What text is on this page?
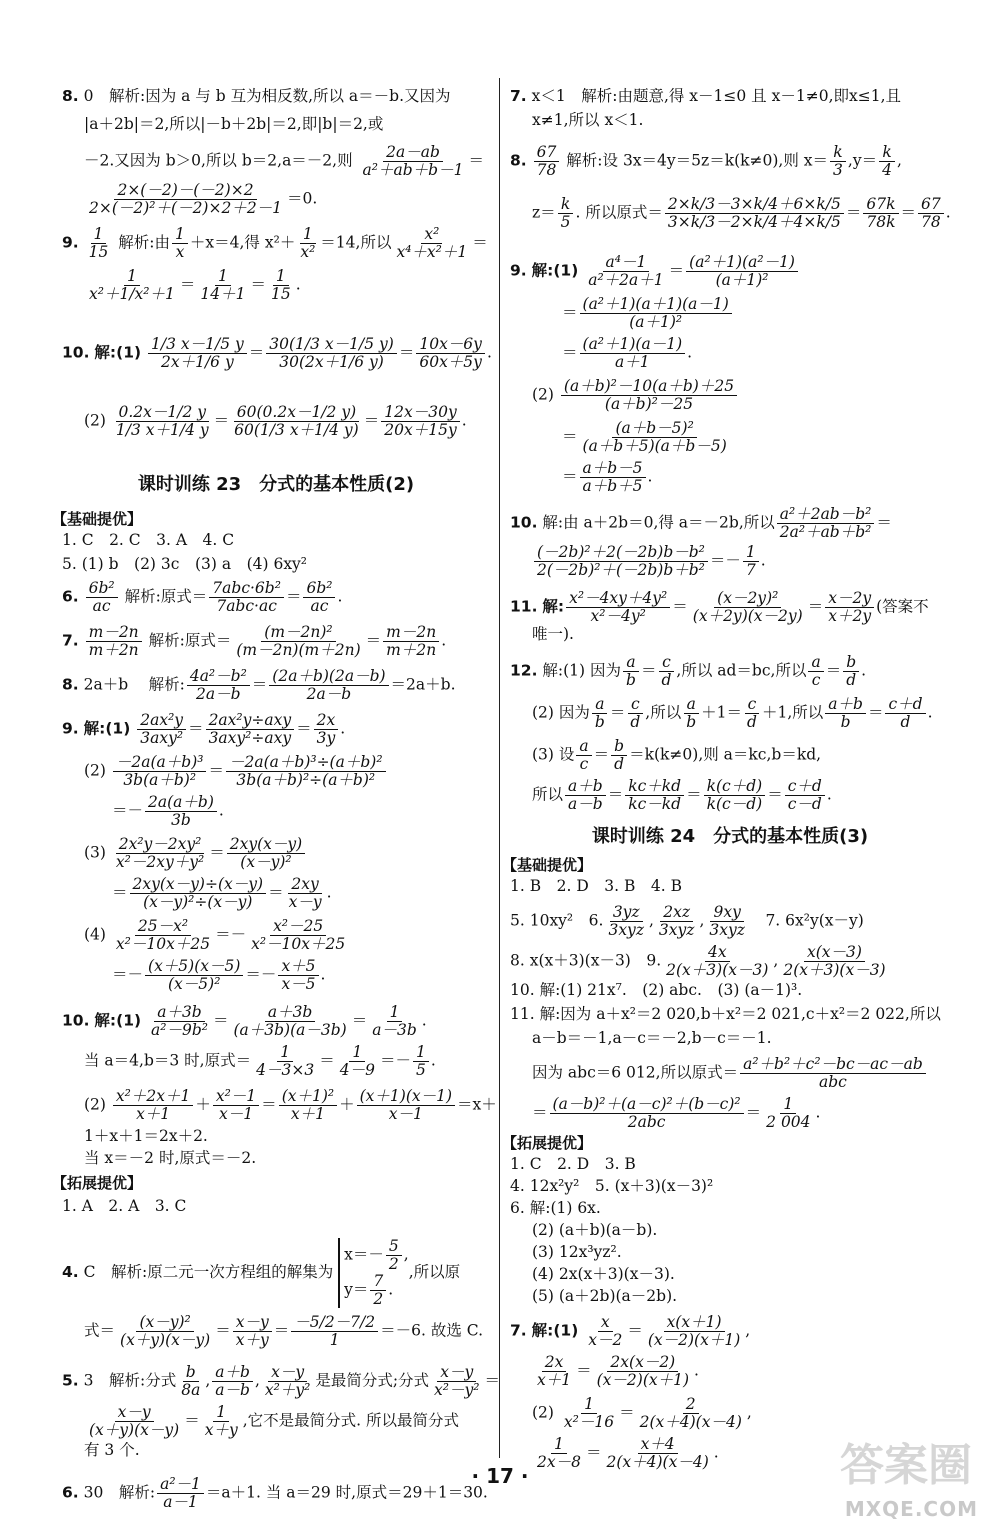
8. 0　解析:因为 a 与 b 互为相反数,所以 a＝－b.又因为
|a＋2b|＝2,所以|－b＋2b|＝2,即|b|＝2,或
－2.又因为 b＞0,所以 b＝2,a＝－2,则 $\frac{2a-ab}{\text{a²＋ab＋b－1}}$ ＝
$\frac{2\times(-2)-(-2)\times 2}{\text{2×(－2)²＋(－2)×2＋2－1}} =0$.
9. $\frac{1}{15}$ 解析:由 $\frac{1}{x} +x=4$,得 $x^2+ \frac{1}{\text{x²}} =14$,所以 $\frac{\text{x²}}{\text{x⁴＋x²＋1}}$ ＝
$\frac{1}{\text{x²＋1/x²＋1}} = \frac{1}{14+1} = \frac{1}{15}$ .
10. 解:(1) $\frac{1/3 x-1/5 y}{2x+1/6 y} = \frac{30(1/3 x-1/5 y)}{30(2x+1/6 y)} = \frac{10x-6y}{60x+5y}$ .
$(2) \frac{0.2x-1/2 y}{1/3 x+1/4 y} = \frac{60(0.2x-1/2 y)}{60(1/3 x+1/4 y)} = \frac{12x-30y}{20x+15y}$ .
课时训练 23　分式的基本性质(2)
【基础提优】
1. C　2. C　3. A　4. C
5. (1) b　(2) 3c　(3) a　(4) 6xy²
6. $\frac{\text{6b²}}{ac}$ 解析:原式＝ $\frac{\text{7abc·6b²}}{\text{7abc·ac}} = \frac{\text{6b²}}{ac}$ .
7. $\frac{m-2n}{m+2n}$ 解析:原式＝ $\frac{\text{(m－2n)²}}{(m-2n)(m+2n)} = \frac{m-2n}{m+2n}$ .
8. 2a＋b　 解析: $\frac{\text{4a²－b²}}{2a-b} = \frac{(2a+b)(2a-b)}{2a-b} =2a+b$.
9. 解:(1) $\frac{\text{2ax²y}}{\text{3axy²}} = \frac{\text{2ax²y÷axy}}{\text{3axy²÷axy}} = \frac{2x}{3y}$ .
$(2) \frac{\text{－2a(a＋b)³}}{\text{3b(a＋b)²}} = \frac{\text{－2a(a＋b)³÷(a＋b)²}}{\text{3b(a＋b)²÷(a＋b)²}}$
＝－ $\frac{2a(a+b)}{3b}$ .
$(3) \frac{\text{2x²y－2xy²}}{\text{x²－2xy＋y²}} = \frac{2xy(x-y)}{\text{(x－y)²}}$
＝ $\frac{2xy(x-y)\div(x-y)}{\text{(x－y)²÷(x－y)}} = \frac{2xy}{x-y}$ .
$(4) \frac{\text{25－x²}}{\text{x²－10x＋25}} =- \frac{\text{x²－25}}{\text{x²－10x＋25}}$
＝－ $\frac{(x+5)(x-5)}{\text{(x－5)²}} =- \frac{x+5}{x-5}$ .
10. 解:(1) $\frac{a+3b}{\text{a²－9b²}} = \frac{a+3b}{(a+3b)(a-3b)} = \frac{1}{a-3b}$ .
当 a＝4,b＝3 时,原式＝ $\frac{1}{4-3\times 3} = \frac{1}{4-9} =- \frac{1}{5}$ .
$(2) \frac{\text{x²＋2x＋1}}{x+1} + \frac{\text{x²－1}}{x-1} = \frac{\text{(x＋1)²}}{x+1} + \frac{(x+1)(x-1)}{x-1} =x+$
1＋x＋1＝2x＋2.
当 x＝－2 时,原式＝－2.
【拓展提优】
1. A　2. A　3. C
4. C　解析:原二元一次方程组的解集为
$x=- \frac{5}{2}$ ,
$y= \frac{7}{2}$ .
,所以原
式＝ $\frac{\text{(x－y)²}}{(x+y)(x-y)} = \frac{x-y}{x+y} = \frac{-5/2-7/2}{1} =-6$. 故选 C.
5. 3　解析:分式 $\frac{b}{8a}$ , $\frac{a+b}{a-b}$ , $\frac{x-y}{\text{x²＋y²}}$ 是最简分式;分式 $\frac{x-y}{\text{x²－y²}}$ ＝
$\frac{x-y}{(x+y)(x-y)} = \frac{1}{x+y}$ ,它不是最简分式. 所以最简分式
有 3 个.
6. 30　解析: $\frac{\text{a²－1}}{a-1} =a+1$. 当 a＝29 时,原式＝29＋1＝30.
7. x＜1　解析:由题意,得 x－1≤0 且 x－1≠0,即x≤1,且
x≠1,所以 x＜1.
8. $\frac{67}{78}$ 解析:设 3x＝4y＝5z＝k(k≠0),则 $x= \frac{k}{3} ,y= \frac{k}{4}$ ,
$z= \frac{k}{5}$ . 所以原式＝ $\frac{2\times k/3-3\times k/4+6\times k/5}{3\times k/3-2\times k/4+4\times k/5} = \frac{67k}{78k} = \frac{67}{78}$ .
9. 解:(1) $\frac{\text{a⁴－1}}{\text{a²＋2a＋1}} = \frac{\text{(a²＋1)(a²－1)}}{\text{(a＋1)²}}$
＝ $\frac{\text{(a²＋1)(a＋1)(a－1)}}{\text{(a＋1)²}}$
＝ $\frac{\text{(a²＋1)(a－1)}}{a+1}$ .
$(2) \frac{\text{(a＋b)²－10(a＋b)＋25}}{\text{(a＋b)²－25}}$
＝ $\frac{\text{(a＋b－5)²}}{(a+b+5)(a+b-5)}$
＝ $\frac{a+b-5}{a+b+5}$ .
10. 解:由 a＋2b＝0,得 a＝－2b,所以 $\frac{\text{a²＋2ab－b²}}{\text{2a²＋ab＋b²}}$ ＝
$\frac{\text{(－2b)²＋2(－2b)b－b²}}{\text{2(－2b)²＋(－2b)b＋b²}} =- \frac{1}{7}$ .
11. 解: $\frac{\text{x²－4xy＋4y²}}{\text{x²－4y²}} = \frac{\text{(x－2y)²}}{(x+2y)(x-2y)} = \frac{x-2y}{x+2y}$ (答案不
唯一).
12. 解:(1) 因为 $\frac{a}{b} = \frac{c}{d}$ ,所以 ad＝bc,所以 $\frac{a}{c} = \frac{b}{d}$ .
(2) 因为 $\frac{a}{b} = \frac{c}{d}$ ,所以 $\frac{a}{b} +1= \frac{c}{d} +1$,所以 $\frac{a+b}{b} = \frac{c+d}{d}$ .
(3) 设 $\frac{a}{c} = \frac{b}{d} =k(k\ne 0)$,则 a＝kc,b＝kd,
所以 $\frac{a+b}{a-b} = \frac{kc+kd}{kc-kd} = \frac{k(c+d)}{k(c-d)} = \frac{c+d}{c-d}$ .
课时训练 24　分式的基本性质(3)
【基础提优】
1. B　2. D　3. B　4. B
5. 10xy²　6. $\frac{3yz}{\text{3xyz}}$ , $\frac{2xz}{\text{3xyz}}$ , $\frac{9xy}{\text{3xyz}}$
　 7. 6x²y(x－y)
8. x(x＋3)(x－3)　9. $\frac{4x}{2(x+3)(x-3)}$ , $\frac{x(x-3)}{2(x+3)(x-3)}$
10. 解:(1) 21x⁷.　(2) abc.　(3) (a－1)³.
11. 解:因为 a＋x²＝2 020,b＋x²＝2 021,c＋x²＝2 022,所以
a－b＝－1,a－c＝－2,b－c＝－1.
因为 abc＝6 012,所以原式＝ $\frac{\text{a²＋b²＋c²－bc－ac－ab}}{\text{abc}}$
＝ $\frac{\text{(a－b)²＋(a－c)²＋(b－c)²}}{\text{2abc}} = \frac{1}{2 004}$ .
【拓展提优】
1. C　2. D　3. B
4. 12x²y²　5. (x＋3)(x－3)²
6. 解:(1) 6x.
(2) (a＋b)(a－b).
(3) 12x³yz².
(4) 2x(x＋3)(x－3).
(5) (a＋2b)(a－2b).
7. 解:(1) $\frac{x}{x-2} = \frac{x(x+1)}{(x-2)(x+1)}$ ,
$\frac{2x}{x+1} = \frac{2x(x-2)}{(x-2)(x+1)}$ .
$(2) \frac{1}{\text{x²－16}} = \frac{2}{2(x+4)(x-4)}$ ,
$\frac{1}{2x-8} = \frac{x+4}{2(x+4)(x-4)}$ .
· 17 ·	答案圈
MXQE.COM
